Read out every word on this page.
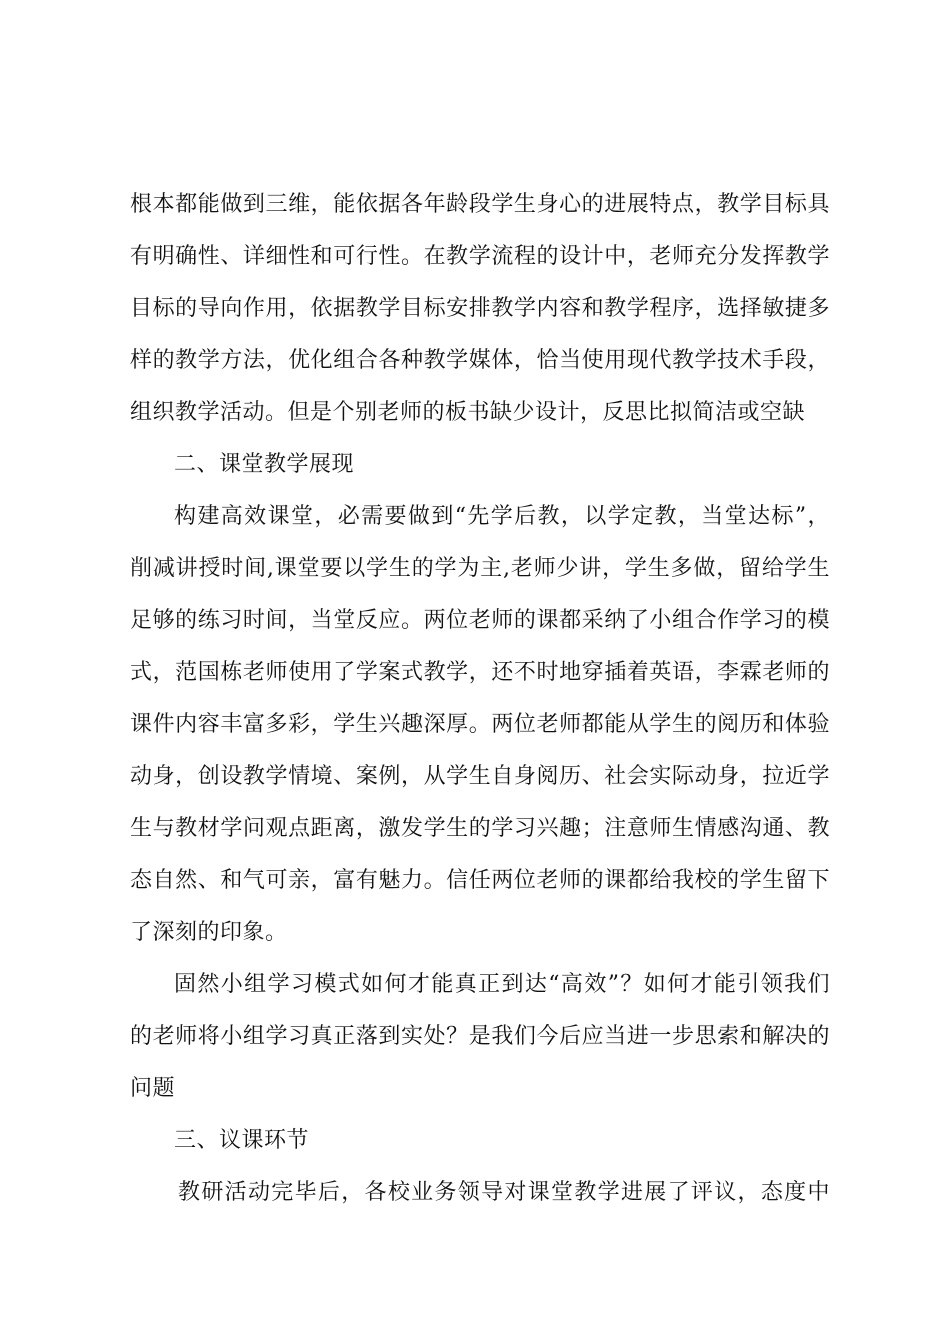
根本都能做到三维，能依据各年龄段学生身心的进展特点，教学目标具
有明确性、详细性和可行性。在教学流程的设计中，老师充分发挥教学
目标的导向作用，依据教学目标安排教学内容和教学程序，选择敏捷多
样的教学方法，优化组合各种教学媒体，恰当使用现代教学技术手段，
组织教学活动。但是个别老师的板书缺少设计，反思比拟简洁或空缺
二、课堂教学展现
构建高效课堂，必需要做到“先学后教，以学定教，当堂达标”，
削减讲授时间,课堂要以学生的学为主,老师少讲，学生多做，留给学生
足够的练习时间，当堂反应。两位老师的课都采纳了小组合作学习的模
式，范国栋老师使用了学案式教学，还不时地穿插着英语，李霖老师的
课件内容丰富多彩，学生兴趣深厚。两位老师都能从学生的阅历和体验
动身，创设教学情境、案例，从学生自身阅历、社会实际动身，拉近学
生与教材学问观点距离，激发学生的学习兴趣；注意师生情感沟通、教
态自然、和气可亲，富有魅力。信任两位老师的课都给我校的学生留下
了深刻的印象。
固然小组学习模式如何才能真正到达“高效”？如何才能引领我们
的老师将小组学习真正落到实处？是我们今后应当进一步思索和解决的
问题
三、议课环节
教研活动完毕后，各校业务领导对课堂教学进展了评议，态度中
